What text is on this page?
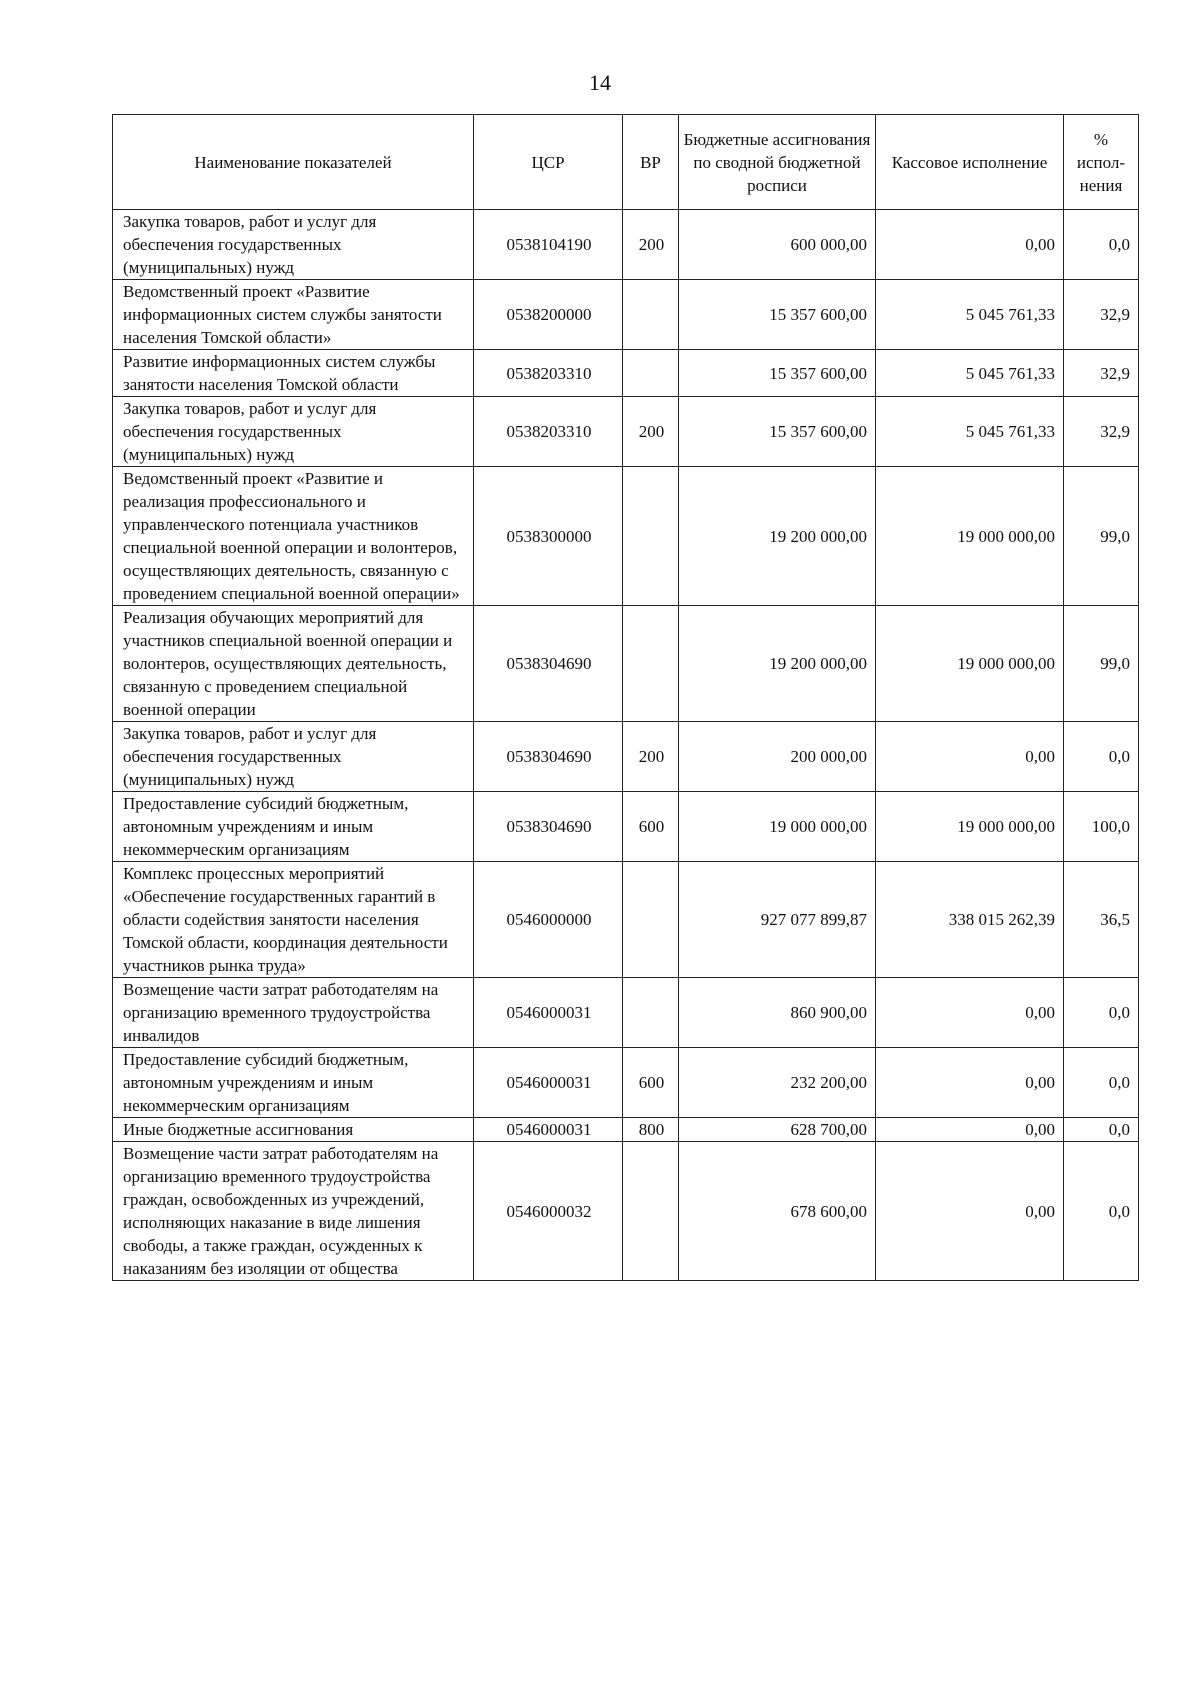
14
Наименование показателей	ЦСР	ВР	Бюджетные ассигнования по сводной бюджетной росписи	Кассовое исполнение	% испол-нения
Закупка товаров, работ и услуг для обеспечения государственных (муниципальных) нужд	0538104190	200	600 000,00	0,00	0,0
Ведомственный проект «Развитие информационных систем службы занятости населения Томской области»	0538200000		15 357 600,00	5 045 761,33	32,9
Развитие информационных систем службы занятости населения Томской области	0538203310		15 357 600,00	5 045 761,33	32,9
Закупка товаров, работ и услуг для обеспечения государственных (муниципальных) нужд	0538203310	200	15 357 600,00	5 045 761,33	32,9
Ведомственный проект «Развитие и реализация профессионального и управленческого потенциала участников специальной военной операции и волонтеров, осуществляющих деятельность, связанную с проведением специальной военной операции»	0538300000		19 200 000,00	19 000 000,00	99,0
Реализация обучающих мероприятий для участников специальной военной операции и волонтеров, осуществляющих деятельность, связанную с проведением специальной военной операции	0538304690		19 200 000,00	19 000 000,00	99,0
Закупка товаров, работ и услуг для обеспечения государственных (муниципальных) нужд	0538304690	200	200 000,00	0,00	0,0
Предоставление субсидий бюджетным, автономным учреждениям и иным некоммерческим организациям	0538304690	600	19 000 000,00	19 000 000,00	100,0
Комплекс процессных мероприятий «Обеспечение государственных гарантий в области содействия занятости населения Томской области, координация деятельности участников рынка труда»	0546000000		927 077 899,87	338 015 262,39	36,5
Возмещение части затрат работодателям на организацию временного трудоустройства инвалидов	0546000031		860 900,00	0,00	0,0
Предоставление субсидий бюджетным, автономным учреждениям и иным некоммерческим организациям	0546000031	600	232 200,00	0,00	0,0
Иные бюджетные ассигнования	0546000031	800	628 700,00	0,00	0,0
Возмещение части затрат работодателям на организацию временного трудоустройства граждан, освобожденных из учреждений, исполняющих наказание в виде лишения свободы, а также граждан, осужденных к наказаниям без изоляции от общества	0546000032		678 600,00	0,00	0,0
